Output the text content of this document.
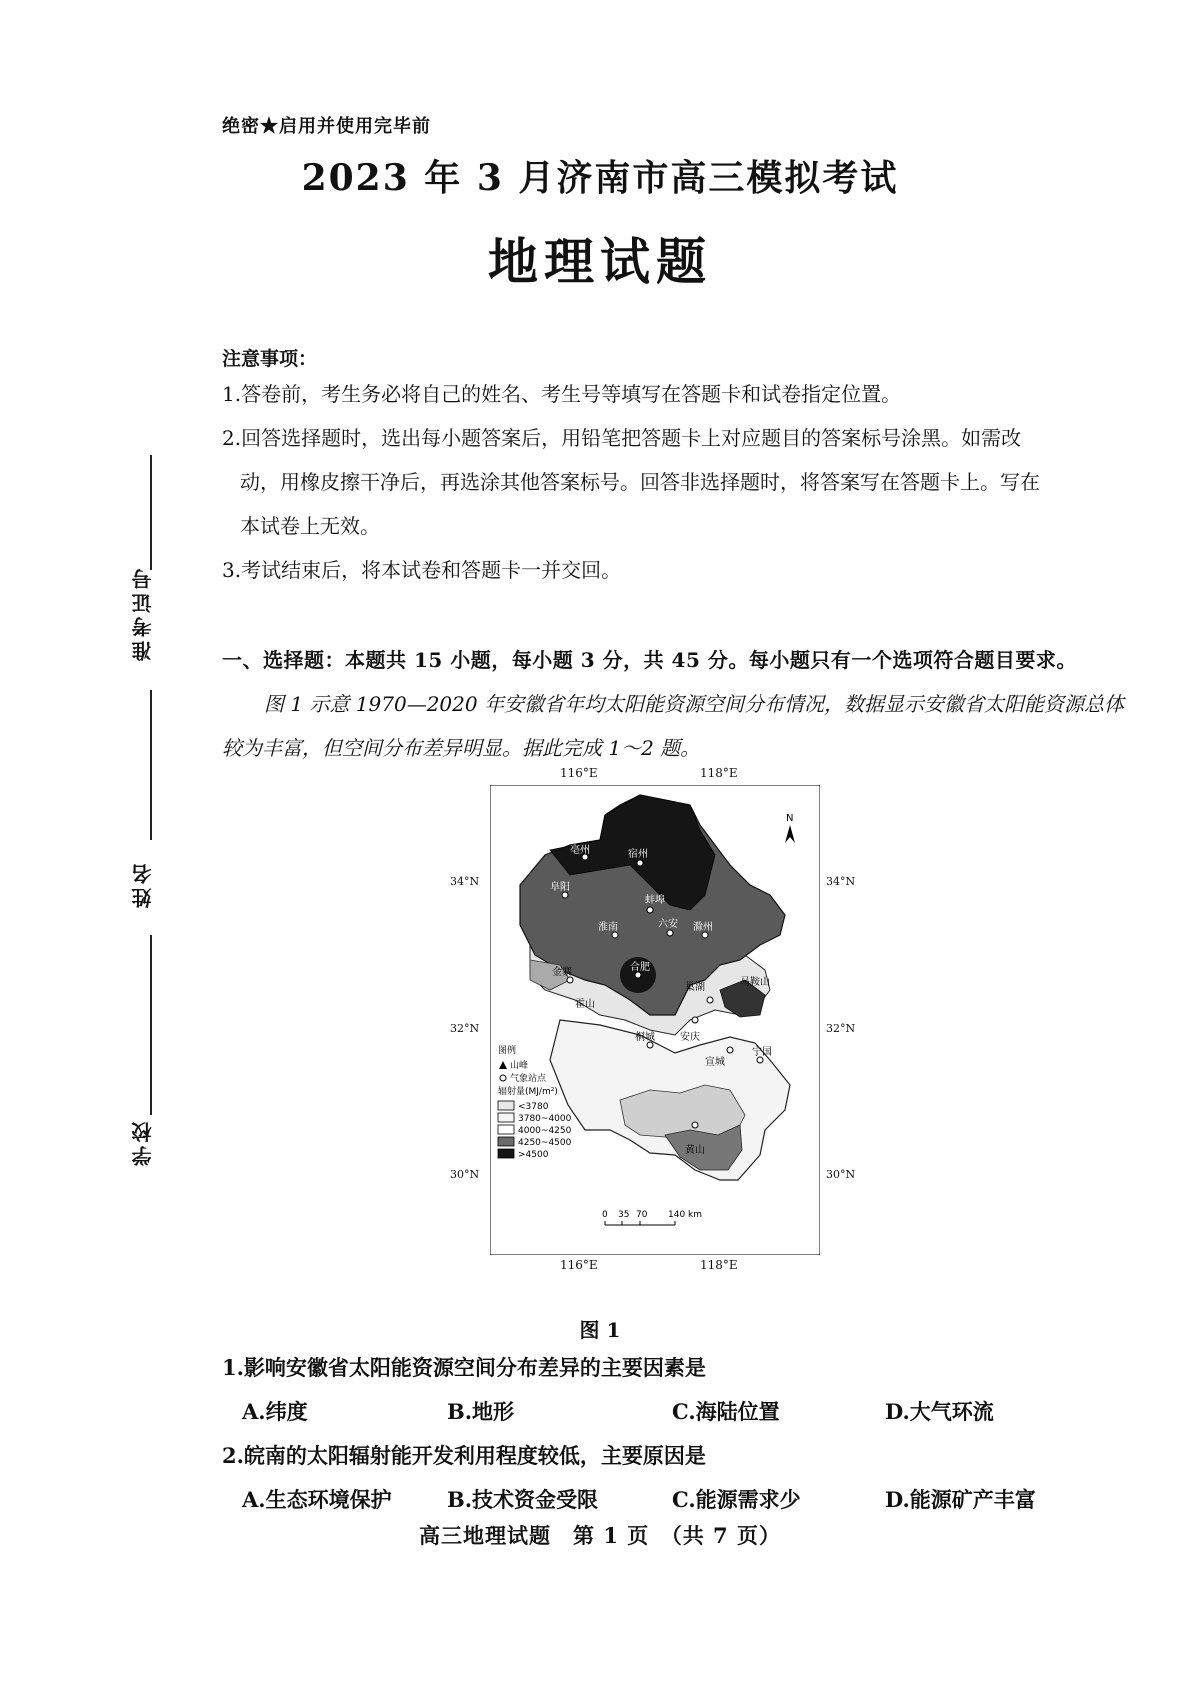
绝密★启用并使用完毕前
2023 年 3 月济南市高三模拟考试
地理试题
准考证号
姓名
学校
注意事项：
1.答卷前，考生务必将自己的姓名、考生号等填写在答题卡和试卷指定位置。
2.回答选择题时，选出每小题答案后，用铅笔把答题卡上对应题目的答案标号涂黑。如需改
动，用橡皮擦干净后，再选涂其他答案标号。回答非选择题时，将答案写在答题卡上。写在
本试卷上无效。
3.考试结束后，将本试卷和答题卡一并交回。
一、选择题：本题共 15 小题，每小题 3 分，共 45 分。每小题只有一个选项符合题目要求。
图 1 示意 1970—2020 年安徽省年均太阳能资源空间分布情况，数据显示安徽省太阳能资源总体较为丰富，但空间分布差异明显。据此完成 1～2 题。
亳州	宿州
阜阳
蚌埠
淮南
合肥
六安 滁州
巢湖	马鞍山
金寨
霍山
桐城	安庆
黄山
宣城
宁国
N
图例
山峰
气象站点
辐射量(MJ/m²)
<3780
3780~4000
4000~4250
4250~4500
>4500
0 35 70 140 km
116°E	118°E
116°E	118°E
34°N
32°N
30°N
34°N
32°N
30°N
图 1
1.影响安徽省太阳能资源空间分布差异的主要因素是
A.纬度	B.地形	C.海陆位置	D.大气环流
2.皖南的太阳辐射能开发利用程度较低，主要原因是
A.生态环境保护	B.技术资金受限	C.能源需求少	D.能源矿产丰富
高三地理试题　第 1 页　（共 7 页）
